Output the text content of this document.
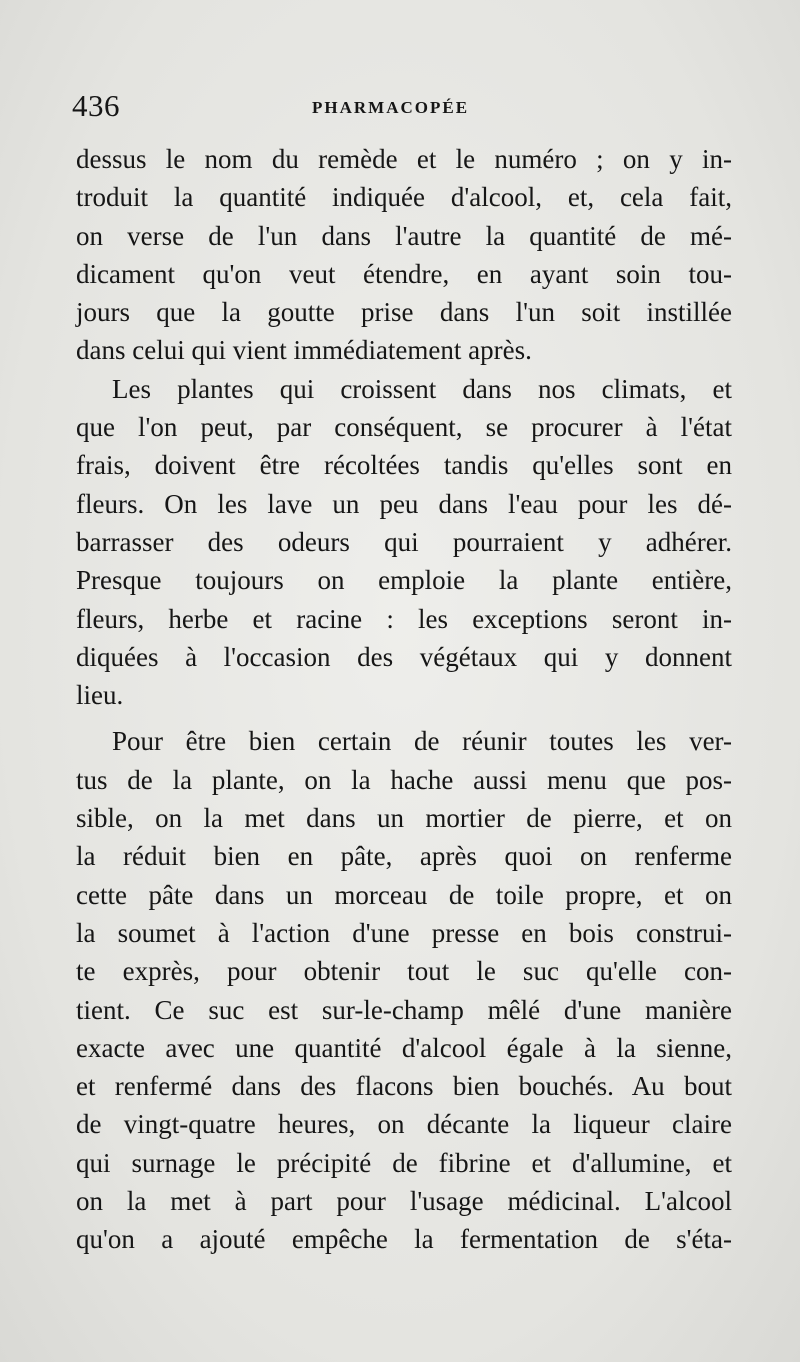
436	PHARMACOPÉE
dessus le nom du remède et le numéro ; on y in-
troduit la quantité indiquée d'alcool, et, cela fait,
on verse de l'un dans l'autre la quantité de mé-
dicament qu'on veut étendre, en ayant soin tou-
jours que la goutte prise dans l'un soit instillée
dans celui qui vient immédiatement après.
Les plantes qui croissent dans nos climats, et
que l'on peut, par conséquent, se procurer à l'état
frais, doivent être récoltées tandis qu'elles sont en
fleurs. On les lave un peu dans l'eau pour les dé-
barrasser des odeurs qui pourraient y adhérer.
Presque toujours on emploie la plante entière,
fleurs, herbe et racine : les exceptions seront in-
diquées à l'occasion des végétaux qui y donnent
lieu.
Pour être bien certain de réunir toutes les ver-
tus de la plante, on la hache aussi menu que pos-
sible, on la met dans un mortier de pierre, et on
la réduit bien en pâte, après quoi on renferme
cette pâte dans un morceau de toile propre, et on
la soumet à l'action d'une presse en bois construi-
te exprès, pour obtenir tout le suc qu'elle con-
tient. Ce suc est sur-le-champ mêlé d'une manière
exacte avec une quantité d'alcool égale à la sienne,
et renfermé dans des flacons bien bouchés. Au bout
de vingt-quatre heures, on décante la liqueur claire
qui surnage le précipité de fibrine et d'allumine, et
on la met à part pour l'usage médicinal. L'alcool
qu'on a ajouté empêche la fermentation de s'éta-
